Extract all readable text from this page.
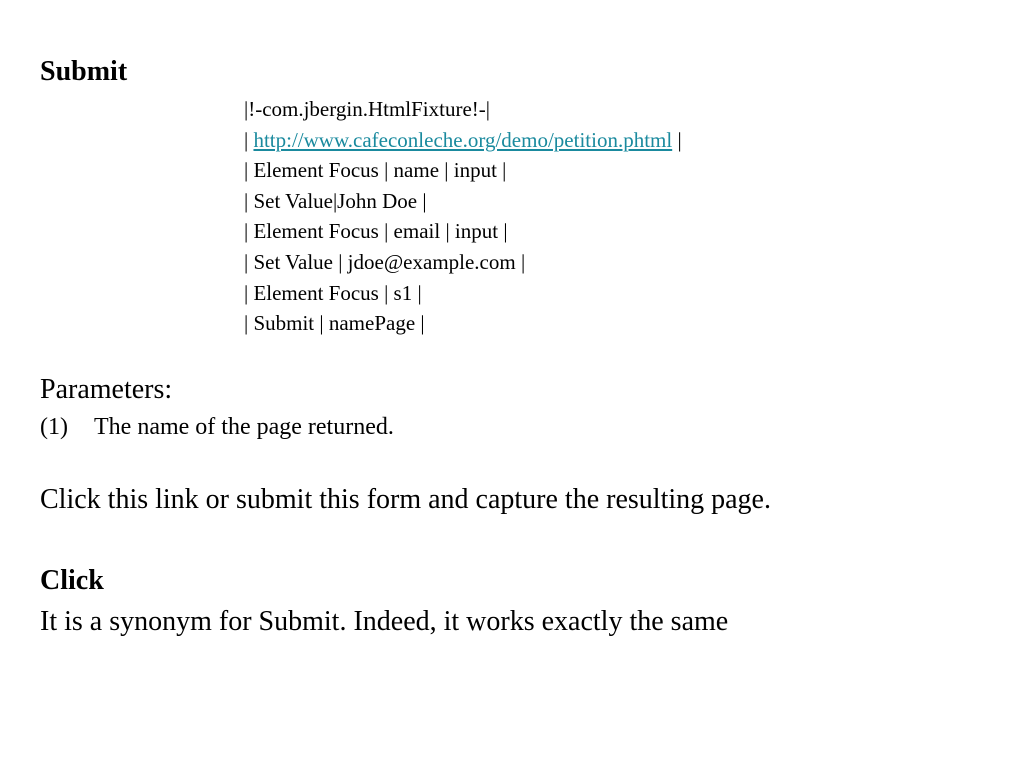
Submit
|!-com.jbergin.HtmlFixture!-|
| http://www.cafeconleche.org/demo/petition.phtml |
| Element Focus | name | input |
| Set Value|John Doe |
| Element Focus | email | input |
| Set Value | jdoe@example.com |
| Element Focus | s1 |
| Submit | namePage |
Parameters:
(1) The name of the page returned.
Click this link or submit this form and capture the resulting page.
Click
It is a synonym for Submit. Indeed, it works exactly the same
